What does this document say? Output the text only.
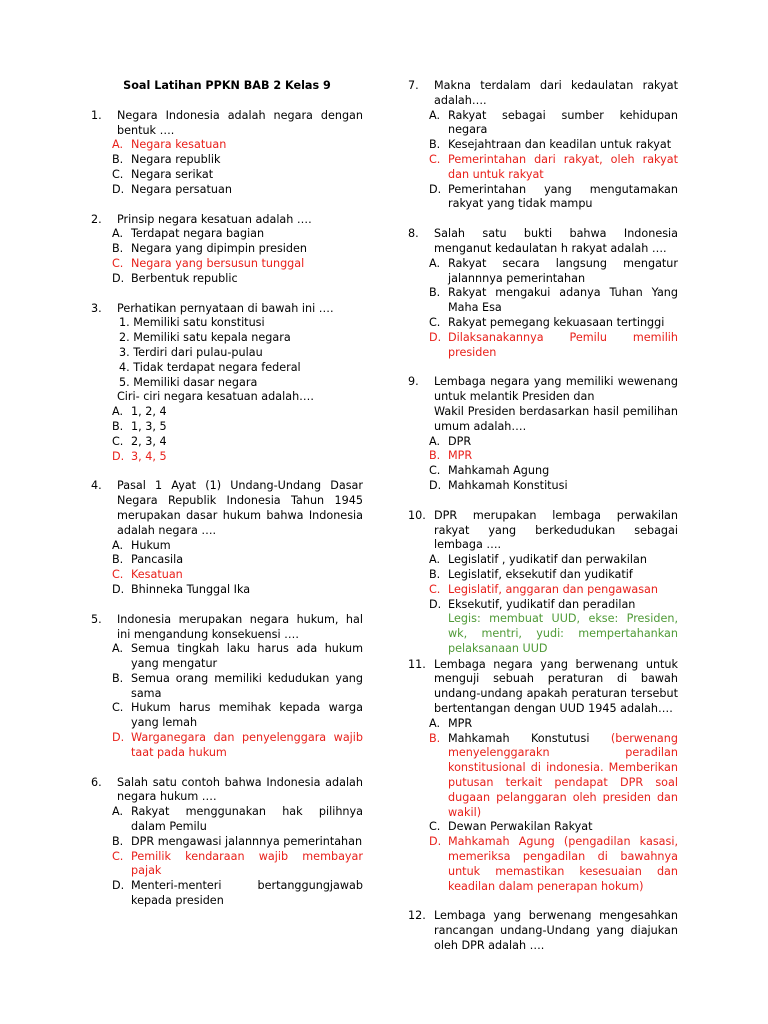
Soal Latihan PPKN BAB 2 Kelas 9
1.	Negara Indonesia adalah negara dengan bentuk ….
A. Negara kesatuan
B. Negara republik
C. Negara serikat
D. Negara persatuan
2.	Prinsip negara kesatuan adalah ….
A. Terdapat negara bagian
B. Negara yang dipimpin presiden
C. Negara yang bersusun tunggal
D. Berbentuk republic
3.	Perhatikan pernyataan di bawah ini ….
1. Memiliki satu konstitusi
2. Memiliki satu kepala negara
3. Terdiri dari pulau-pulau
4. Tidak terdapat negara federal
5. Memiliki dasar negara
Ciri- ciri negara kesatuan adalah….
A. 1, 2, 4
B. 1, 3, 5
C. 2, 3, 4
D. 3, 4, 5
4.	Pasal 1 Ayat (1) Undang-Undang Dasar Negara Republik Indonesia Tahun 1945 merupakan dasar hukum bahwa Indonesia adalah negara ….
A. Hukum
B. Pancasila
C. Kesatuan
D. Bhinneka Tunggal Ika
5.	Indonesia merupakan negara hukum, hal ini mengandung konsekuensi ….
A. Semua tingkah laku harus ada hukum yang mengatur
B. Semua orang memiliki kedudukan yang sama
C. Hukum harus memihak kepada warga yang lemah
D. Warganegara dan penyelenggara wajib taat pada hukum
6.	Salah satu contoh bahwa Indonesia adalah negara hukum ….
A. Rakyat menggunakan hak pilihnya dalam Pemilu
B. DPR mengawasi jalannnya pemerintahan
C. Pemilik kendaraan wajib membayar pajak
D. Menteri-menteri bertanggungjawab kepada presiden
7.	Makna terdalam dari kedaulatan rakyat adalah….
A. Rakyat sebagai sumber kehidupan negara
B. Kesejahtraan dan keadilan untuk rakyat
C. Pemerintahan dari rakyat, oleh rakyat dan untuk rakyat
D. Pemerintahan yang mengutamakan rakyat yang tidak mampu
8.	Salah satu bukti bahwa Indonesia menganut kedaulatan h rakyat adalah ….
A. Rakyat secara langsung mengatur jalannnya pemerintahan
B. Rakyat mengakui adanya Tuhan Yang Maha Esa
C. Rakyat pemegang kekuasaan tertinggi
D. Dilaksanakannya Pemilu memilih presiden
9.	Lembaga negara yang memiliki wewenang untuk melantik Presiden dan
Wakil Presiden berdasarkan hasil pemilihan umum adalah….
A. DPR
B. MPR
C. Mahkamah Agung
D. Mahkamah Konstitusi
10. DPR merupakan lembaga perwakilan rakyat yang berkedudukan sebagai lembaga ….
A. Legislatif , yudikatif dan perwakilan
B. Legislatif, eksekutif dan yudikatif
C. Legislatif, anggaran dan pengawasan
D. Eksekutif, yudikatif dan peradilan
Legis: membuat UUD, ekse: Presiden, wk, mentri, yudi: mempertahankan pelaksanaan UUD
11. Lembaga negara yang berwenang untuk menguji sebuah peraturan di bawah undang-undang apakah peraturan tersebut bertentangan dengan UUD 1945 adalah….
A. MPR
B. Mahkamah Konstutusi (berwenang menyelenggarakn peradilan konstitusional di indonesia. Memberikan putusan terkait pendapat DPR soal dugaan pelanggaran oleh presiden dan wakil)
C. Dewan Perwakilan Rakyat
D. Mahkamah Agung (pengadilan kasasi, memeriksa pengadilan di bawahnya untuk memastikan kesesuaian dan keadilan dalam penerapan hokum)
12. Lembaga yang berwenang mengesahkan rancangan undang-Undang yang diajukan oleh DPR adalah ….
